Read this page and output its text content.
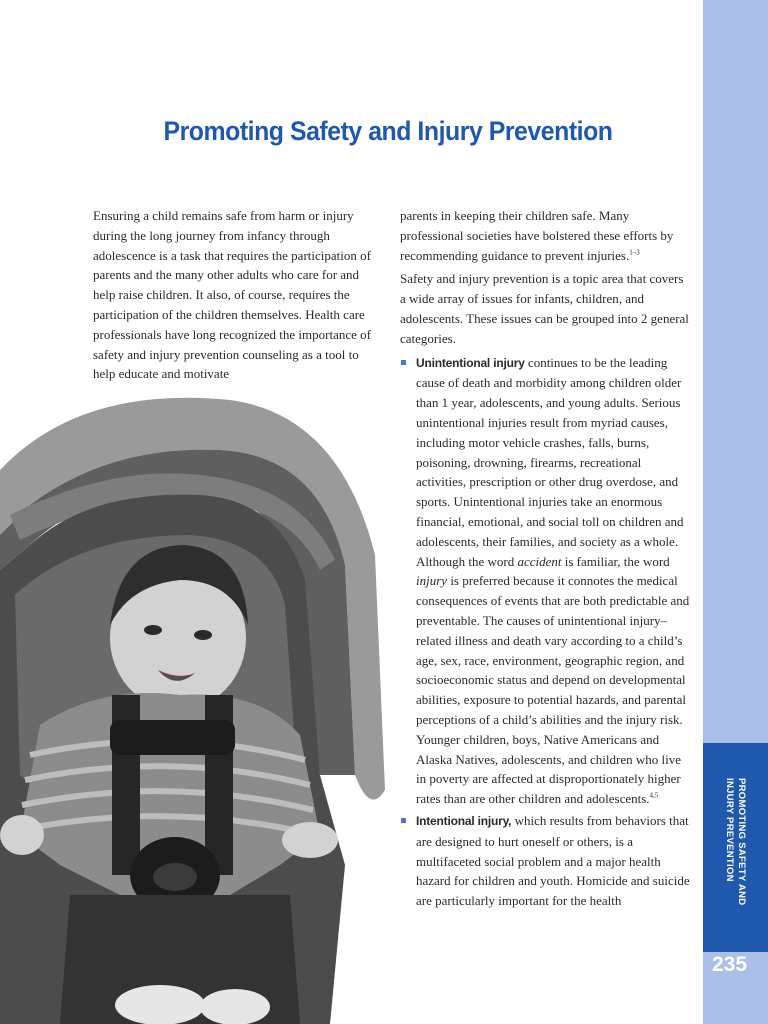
PROMOTING SAFETY AND
INJURY PREVENTION
235
Promoting Safety and Injury Prevention

Ensuring a child remains safe from harm or injury during the long journey from infancy through adolescence is a task that requires the participation of parents and the many other adults who care for and help raise children. It also, of course, requires the participation of the children themselves. Health care professionals have long recognized the importance of safety and injury prevention counseling as a tool to help educate and motivate

parents in keeping their children safe. Many professional societies have bolstered these efforts by recommending guidance to prevent injuries.$^{1-3}$

Safety and injury prevention is a topic area that covers a wide array of issues for infants, children, and adolescents. These issues can be grouped into 2 general categories.

Unintentional injury continues to be the leading cause of death and morbidity among children older than 1 year, adolescents, and young adults. Serious unintentional injuries result from myriad causes, including motor vehicle crashes, falls, burns, poisoning, drowning, firearms, recreational activities, prescription or other drug overdose, and sports. Unintentional injuries take an enormous financial, emotional, and social toll on children and adolescents, their families, and society as a whole. Although the word accident is familiar, the word injury is preferred because it connotes the medical consequences of events that are both predictable and preventable. The causes of unintentional injury–related illness and death vary according to a child’s age, sex, race, environment, geographic region, and socioeconomic status and depend on developmental abilities, exposure to potential hazards, and parental perceptions of a child’s abilities and the injury risk. Younger children, boys, Native Americans and Alaska Natives, adolescents, and children who live in poverty are affected at disproportionately higher rates than are other children and adolescents.$^{4,5}$
Intentional injury, which results from behaviors that are designed to hurt oneself or others, is a multifaceted social problem and a major health hazard for children and youth. Homicide and suicide are particularly important for the health
